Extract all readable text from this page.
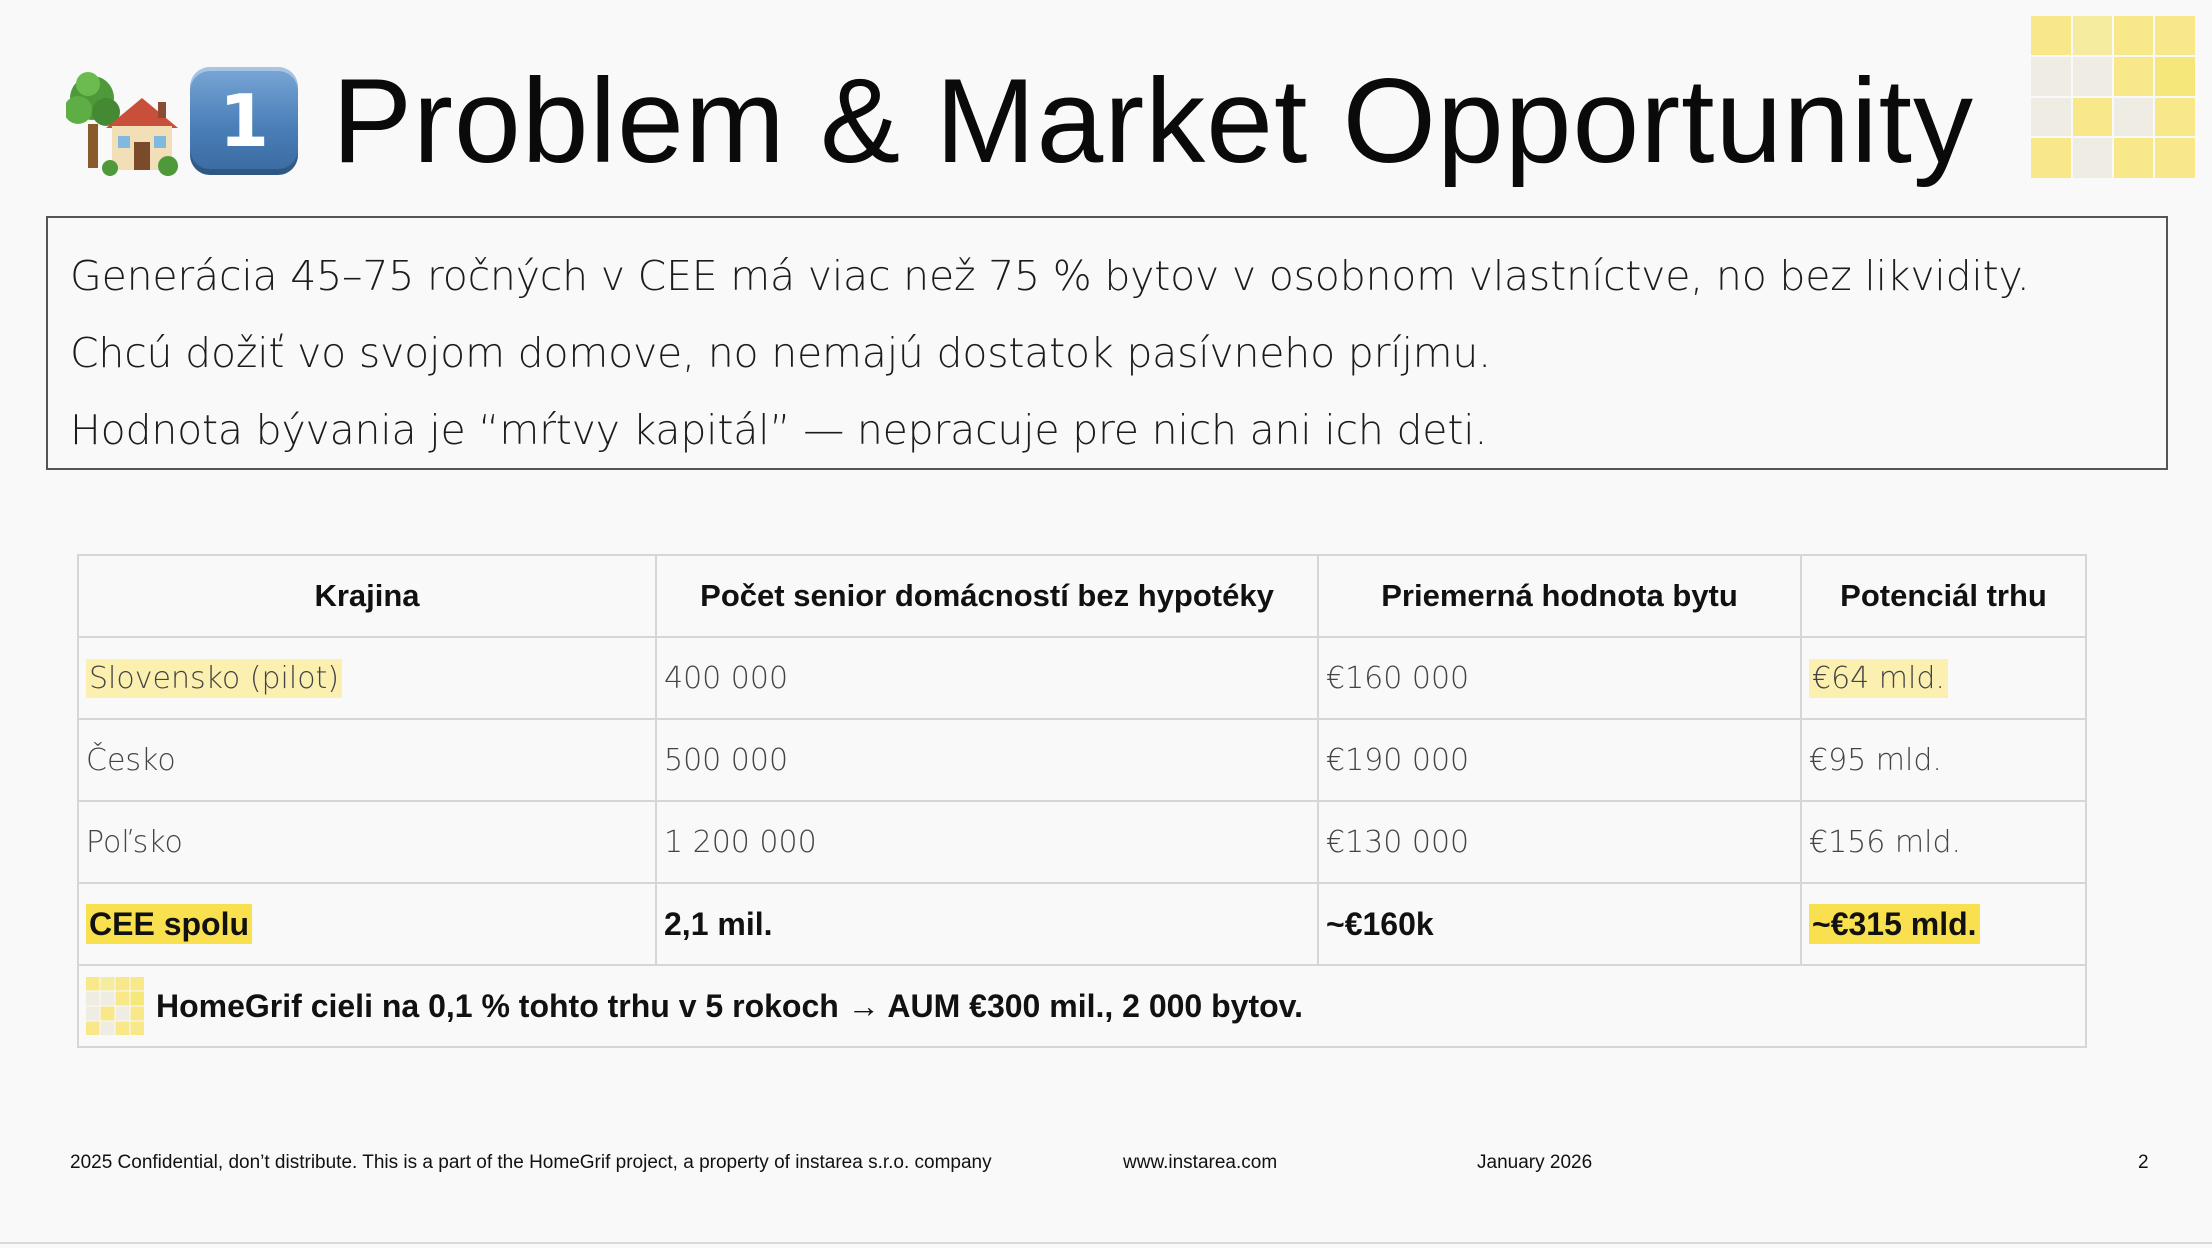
1 Problem & Market Opportunity
Generácia 45–75 ročných v CEE má viac než 75 % bytov v osobnom vlastníctve, no bez likvidity.
Chcú dožiť vo svojom domove, no nemajú dostatok pasívneho príjmu.
Hodnota bývania je “mŕtvy kapitál” — nepracuje pre nich ani ich deti.
Krajina	Počet senior domácností bez hypotéky	Priemerná hodnota bytu	Potenciál trhu
Slovensko (pilot)	400 000	€160 000	€64 mld.
Česko	500 000	€190 000	€95 mld.
Poľsko	1 200 000	€130 000	€156 mld.
CEE spolu	2,1 mil.	~€160k	~€315 mld.

HomeGrif cieli na 0,1 % tohto trhu v 5 rokoch → AUM €300 mil., 2 000 bytov.			
2025 Confidential, don’t distribute. This is a part of the HomeGrif project, a property of instarea s.r.o. company	www.instarea.com	January 2026	2
